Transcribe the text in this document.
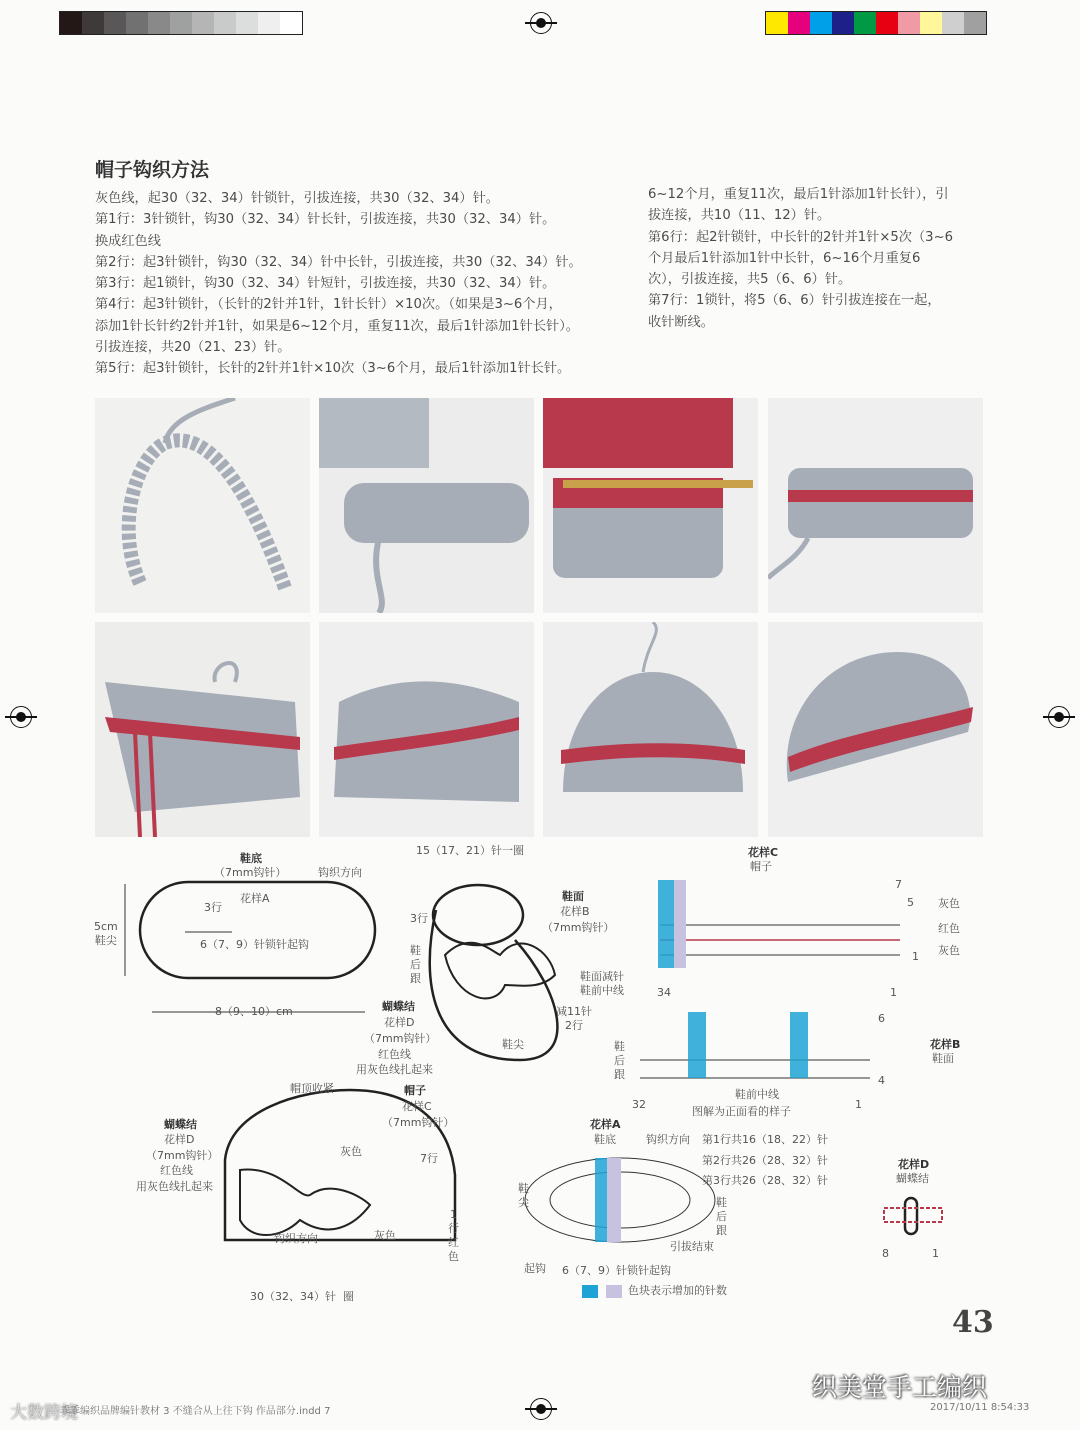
帽子钩织方法
灰色线，起30（32、34）针锁针，引拔连接，共30（32、34）针。
第1行：3针锁针，钩30（32、34）针长针，引拔连接，共30（32、34）针。
换成红色线
第2行：起3针锁针，钩30（32、34）针中长针，引拔连接，共30（32、34）针。
第3行：起1锁针，钩30（32、34）针短针，引拔连接，共30（32、34）针。
第4行：起3针锁针，（长针的2针并1针，1针长针）×10次。（如果是3~6个月，
添加1针长针约2针并1针，如果是6~12个月，重复11次，最后1针添加1针长针）。
引拔连接，共20（21、23）针。
第5行：起3针锁针，长针的2针并1针×10次（3~6个月，最后1针添加1针长针。
6~12个月，重复11次，最后1针添加1针长针），引
拔连接，共10（11、12）针。
第6行：起2针锁针，中长针的2针并1针×5次（3~6
个月最后1针添加1针中长针，6~16个月重复6
次），引拔连接，共5（6、6）针。
第7行：1锁针，将5（6、6）针引拔连接在一起，
收针断线。
鞋底
（7mm钩针）	钩织方向
花样A
3行
5cm
鞋尖	6（7、9）针锁针起钩
8（9、10）cm
15（17、21）针一圈
3行
鞋
后
跟
鞋面
花样B
（7mm钩针）
鞋面减针
鞋前中线
减11针
2行
鞋尖
蝴蝶结
花样D
（7mm钩针）
红色线
用灰色线扎起来
花样C
帽子
灰色
红色
灰色
7
5
1
34	1
花样B
鞋面
鞋
后
跟
鞋前中线
图解为正面看的样子
6
4
32	1
帽顶收紧	帽子
花样C
（7mm钩针）
灰色
7行
灰色
1
行
红
色
钩织方向
30（32、34）针  圈
蝴蝶结
花样D
（7mm钩针）
红色线
用灰色线扎起来
花样A
鞋底	钩织方向 第1行共16（18、22）针
第2行共26（28、32）针
第3行共26（28、32）针
鞋
尖	鞋
后
跟
引拔结束
起钩 6（7、9）针锁针起钩
色块表示增加的针数
花样D
蝴蝶结
8	1
43
织美堂手工编织
大数跨境
乖乖编织品牌编针教材 3 不缝合从上往下钩 作品部分.indd 7	2017/10/11 8:54:33
